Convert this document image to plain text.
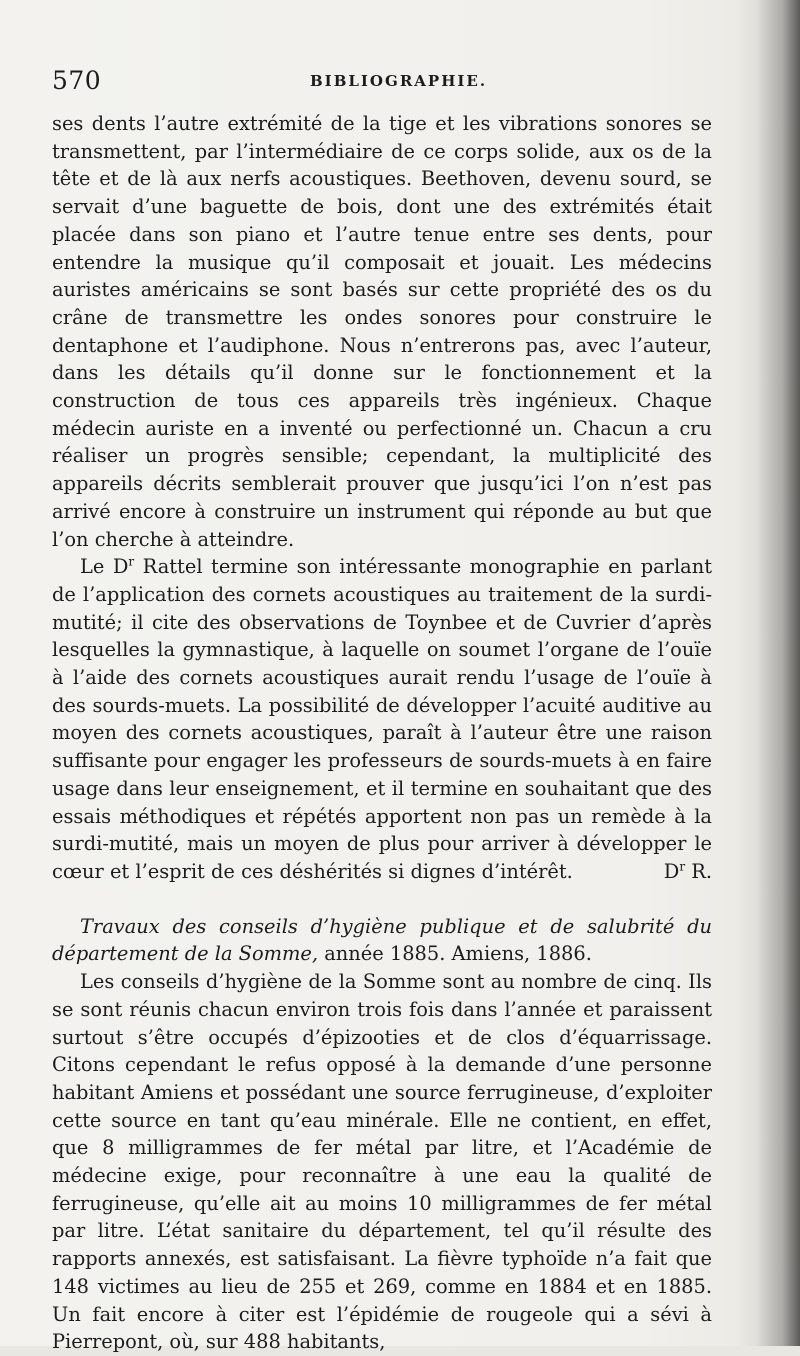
570	BIBLIOGRAPHIE.

ses dents l’autre extrémité de la tige et les vibrations sonores se transmettent, par l’intermédiaire de ce corps solide, aux os de la tête et de là aux nerfs acoustiques. Beethoven, devenu sourd, se servait d’une baguette de bois, dont une des extrémités était placée dans son piano et l’autre tenue entre ses dents, pour entendre la musique qu’il composait et jouait. Les médecins auristes américains se sont basés sur cette propriété des os du crâne de transmettre les ondes sonores pour construire le dentaphone et l’audiphone. Nous n’entrerons pas, avec l’auteur, dans les détails qu’il donne sur le fonctionnement et la construction de tous ces appareils très ingénieux. Chaque médecin auriste en a inventé ou perfectionné un. Chacun a cru réaliser un progrès sensible; cependant, la multiplicité des appareils décrits semblerait prouver que jusqu’ici l’on n’est pas arrivé encore à construire un instrument qui réponde au but que l’on cherche à atteindre.

Le $D^r$ Rattel termine son intéressante monographie en parlant de l’application des cornets acoustiques au traitement de la surdi-mutité; il cite des observations de Toynbee et de Cuvrier d’après lesquelles la gymnastique, à laquelle on soumet l’organe de l’ouïe à l’aide des cornets acoustiques aurait rendu l’usage de l’ouïe à des sourds-muets. La possibilité de développer l’acuité auditive au moyen des cornets acoustiques, paraît à l’auteur être une raison suffisante pour engager les professeurs de sourds-muets à en faire usage dans leur enseignement, et il termine en souhaitant que des essais méthodiques et répétés apportent non pas un remède à la surdi-mutité, mais un moyen de plus pour arriver à développer le cœur et l’esprit de ces déshérités si dignes d’intérêt.	$D^r$ R.

Travaux des conseils d’hygiène publique et de salubrité du département de la Somme, année 1885. Amiens, 1886.

Les conseils d’hygiène de la Somme sont au nombre de cinq. Ils se sont réunis chacun environ trois fois dans l’année et paraissent surtout s’être occupés d’épizooties et de clos d’équarrissage. Citons cependant le refus opposé à la demande d’une personne habitant Amiens et possédant une source ferrugineuse, d’exploiter cette source en tant qu’eau minérale. Elle ne contient, en effet, que 8 milligrammes de fer métal par litre, et l’Académie de médecine exige, pour reconnaître à une eau la qualité de ferrugineuse, qu’elle ait au moins 10 milligrammes de fer métal par litre. L’état sanitaire du département, tel qu’il résulte des rapports annexés, est satisfaisant. La fièvre typhoïde n’a fait que 148 victimes au lieu de 255 et 269, comme en 1884 et en 1885. Un fait encore à citer est l’épidémie de rougeole qui a sévi à Pierrepont, où, sur 488 habitants,
